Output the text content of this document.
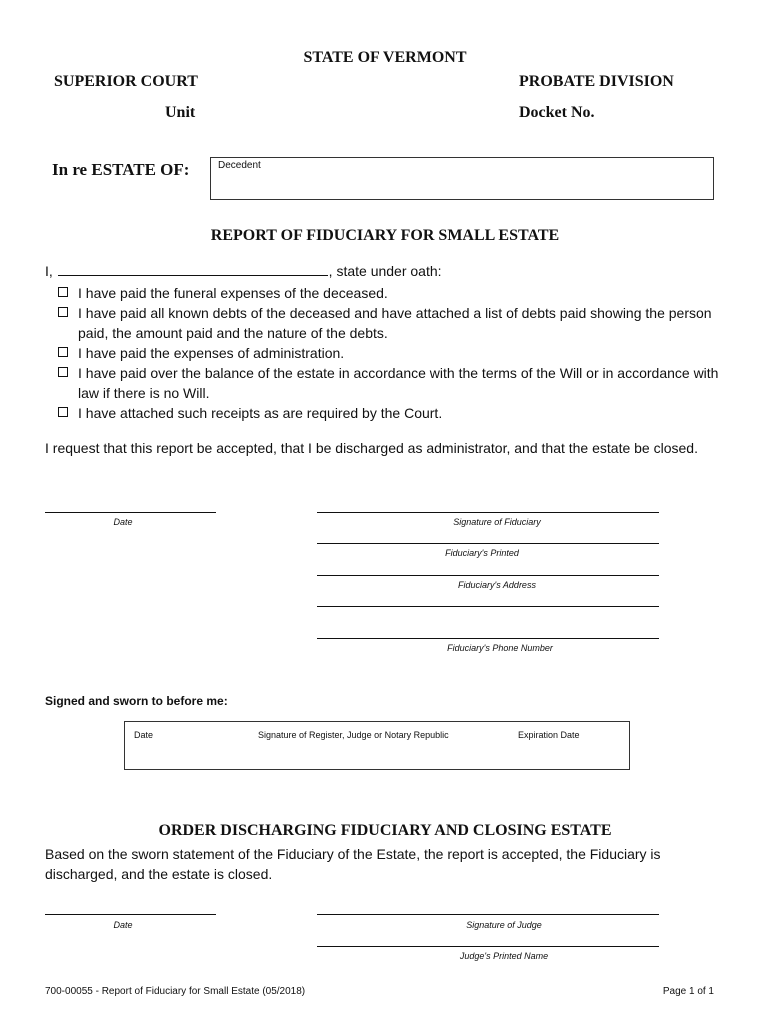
STATE OF VERMONT
SUPERIOR COURT	PROBATE DIVISION
Unit	Docket No.
In re ESTATE OF:	Decedent
REPORT OF FIDUCIARY FOR SMALL ESTATE
I,	, state under oath:
I have paid the funeral expenses of the deceased.
I have paid all known debts of the deceased and have attached a list of debts paid showing the person paid, the amount paid and the nature of the debts.
I have paid the expenses of administration.
I have paid over the balance of the estate in accordance with the terms of the Will or in accordance with law if there is no Will.
I have attached such receipts as are required by the Court.
I request that this report be accepted, that I be discharged as administrator, and that the estate be closed.
Date	Signature of Fiduciary
Fiduciary's Printed
Fiduciary's Address
Fiduciary's Phone Number
Signed and sworn to before me:
Date	Signature of Register, Judge or Notary Republic	Expiration Date
ORDER DISCHARGING FIDUCIARY AND CLOSING ESTATE
Based on the sworn statement of the Fiduciary of the Estate, the report is accepted, the Fiduciary is discharged, and the estate is closed.
Date	Signature of Judge
Judge's Printed Name
700-00055 - Report of Fiduciary for Small Estate (05/2018)	Page 1 of 1
